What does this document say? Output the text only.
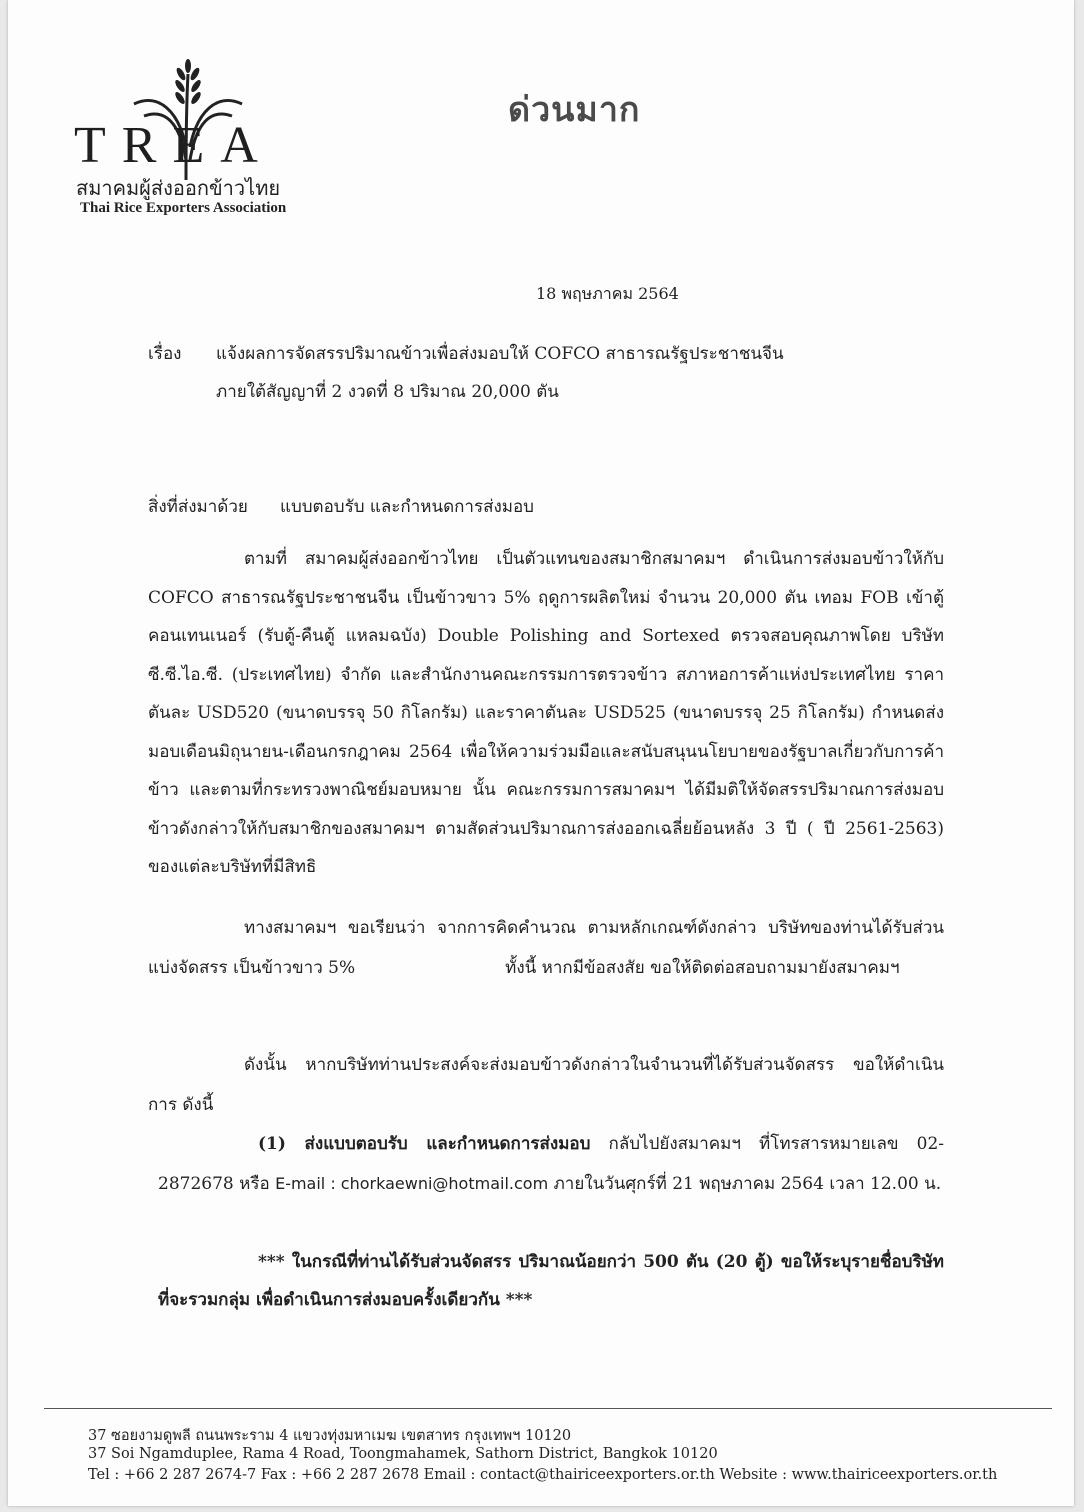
TREA
สมาคมผู้ส่งออกข้าวไทย
Thai Rice Exporters Association
ด่วนมาก
18 พฤษภาคม 2564
เรื่อง แจ้งผลการจัดสรรปริมาณข้าวเพื่อส่งมอบให้ COFCO สาธารณรัฐประชาชนจีน
ภายใต้สัญญาที่ 2 งวดที่ 8 ปริมาณ 20,000 ตัน
สิ่งที่ส่งมาด้วย แบบตอบรับ และกำหนดการส่งมอบ
ตามที่ สมาคมผู้ส่งออกข้าวไทย เป็นตัวแทนของสมาชิกสมาคมฯ ดำเนินการส่งมอบข้าวให้กับ COFCO สาธารณรัฐประชาชนจีน เป็นข้าวขาว 5% ฤดูการผลิตใหม่ จำนวน 20,000 ตัน เทอม FOB เข้าตู้คอนเทนเนอร์ (รับตู้-คืนตู้ แหลมฉบัง) Double Polishing and Sortexed ตรวจสอบคุณภาพโดย บริษัท ซี.ซี.ไอ.ซี. (ประเทศไทย) จำกัด และสำนักงานคณะกรรมการตรวจข้าว สภาหอการค้าแห่งประเทศไทย ราคาตันละ USD520 (ขนาดบรรจุ 50 กิโลกรัม) และราคาตันละ USD525 (ขนาดบรรจุ 25 กิโลกรัม) กำหนดส่งมอบเดือนมิถุนายน-เดือนกรกฎาคม 2564 เพื่อให้ความร่วมมือและสนับสนุนนโยบายของรัฐบาลเกี่ยวกับการค้าข้าว และตามที่กระทรวงพาณิชย์มอบหมาย นั้น คณะกรรมการสมาคมฯ ได้มีมติให้จัดสรรปริมาณการส่งมอบข้าวดังกล่าวให้กับสมาชิกของสมาคมฯ ตามสัดส่วนปริมาณการส่งออกเฉลี่ยย้อนหลัง 3 ปี ( ปี 2561-2563) ของแต่ละบริษัทที่มีสิทธิ
ทางสมาคมฯ ขอเรียนว่า จากการคิดคำนวณ ตามหลักเกณฑ์ดังกล่าว บริษัทของท่านได้รับส่วนแบ่งจัดสรร เป็นข้าวขาว 5%	ทั้งนี้ หากมีข้อสงสัย ขอให้ติดต่อสอบถามมายังสมาคมฯ
ดังนั้น หากบริษัทท่านประสงค์จะส่งมอบข้าวดังกล่าวในจำนวนที่ได้รับส่วนจัดสรร ขอให้ดำเนินการ ดังนี้
(1) ส่งแบบตอบรับ และกำหนดการส่งมอบ กลับไปยังสมาคมฯ ที่โทรสารหมายเลข 02-2872678 หรือ E-mail : chorkaewni@hotmail.com ภายในวันศุกร์ที่ 21 พฤษภาคม 2564 เวลา 12.00 น.
*** ในกรณีที่ท่านได้รับส่วนจัดสรร ปริมาณน้อยกว่า 500 ตัน (20 ตู้) ขอให้ระบุรายชื่อบริษัทที่จะรวมกลุ่ม เพื่อดำเนินการส่งมอบครั้งเดียวกัน ***
37 ซอยงามดูพลี ถนนพระราม 4 แขวงทุ่งมหาเมฆ เขตสาทร กรุงเทพฯ 10120
37 Soi Ngamduplee, Rama 4 Road, Toongmahamek, Sathorn District, Bangkok 10120
Tel : +66 2 287 2674-7 Fax : +66 2 287 2678 Email : contact@thairiceexporters.or.th Website : www.thairiceexporters.or.th
